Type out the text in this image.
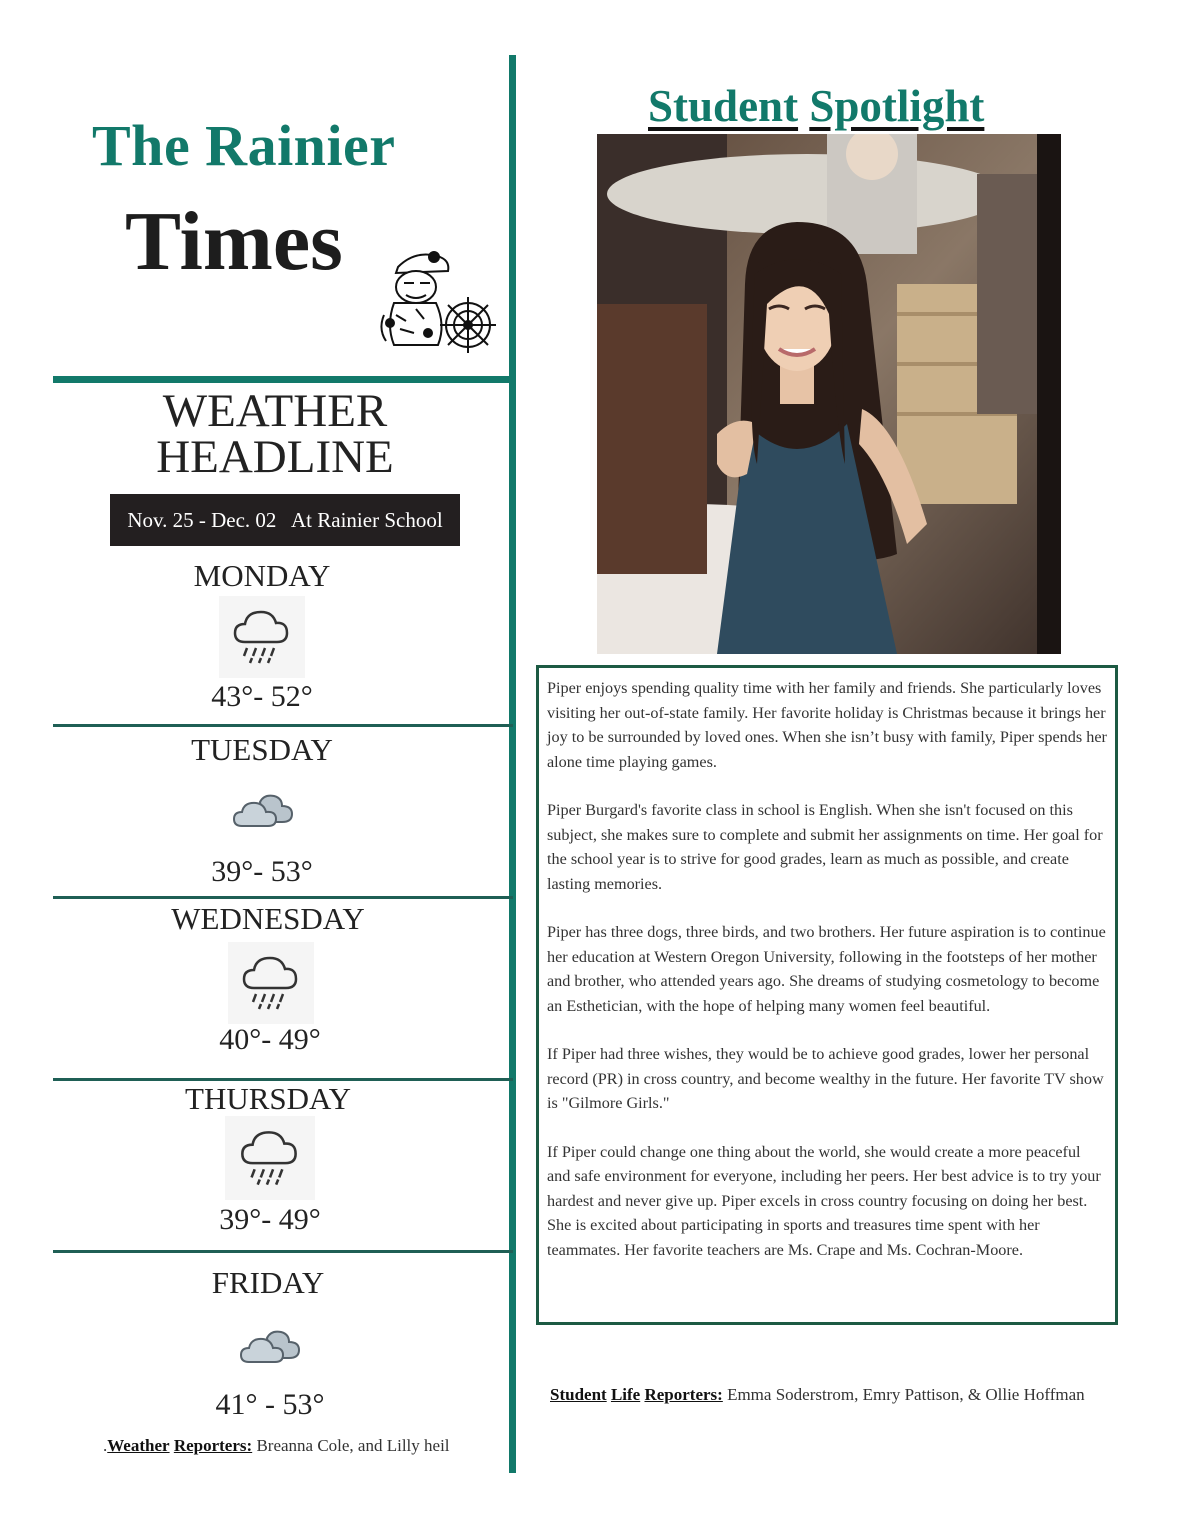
The Rainier
Times
WEATHER
HEADLINE
Nov. 25 - Dec. 02   At Rainier School
MONDAY
43°- 52°
TUESDAY
39°- 53°
WEDNESDAY
40°- 49°
THURSDAY
39°- 49°
FRIDAY
41° - 53°
.Weather Reporters: Breanna Cole, and Lilly heil
Student Spotlight

Piper enjoys spending quality time with her family and friends. She particularly loves visiting her out-of-state family. Her favorite holiday is Christmas because it brings her joy to be surrounded by loved ones. When she isn’t busy with family, Piper spends her alone time playing games.

Piper Burgard's favorite class in school is English. When she isn't focused on this subject, she makes sure to complete and submit her assignments on time. Her goal for the school year is to strive for good grades, learn as much as possible, and create lasting memories.

Piper has three dogs, three birds, and two brothers. Her future aspiration is to continue her education at Western Oregon University, following in the footsteps of her mother and brother, who attended years ago. She dreams of studying cosmetology to become an Esthetician, with the hope of helping many women feel beautiful.

If Piper had three wishes, they would be to achieve good grades, lower her personal record (PR) in cross country, and become wealthy in the future. Her favorite TV show is "Gilmore Girls."

If Piper could change one thing about the world, she would create a more peaceful and safe environment for everyone, including her peers. Her best advice is to try your hardest and never give up. Piper excels in cross country focusing on doing her best. She is excited about participating in sports and treasures time spent with her teammates. Her favorite teachers are Ms. Crape and Ms. Cochran-Moore.

Student Life Reporters: Emma Soderstrom, Emry Pattison, & Ollie Hoffman
